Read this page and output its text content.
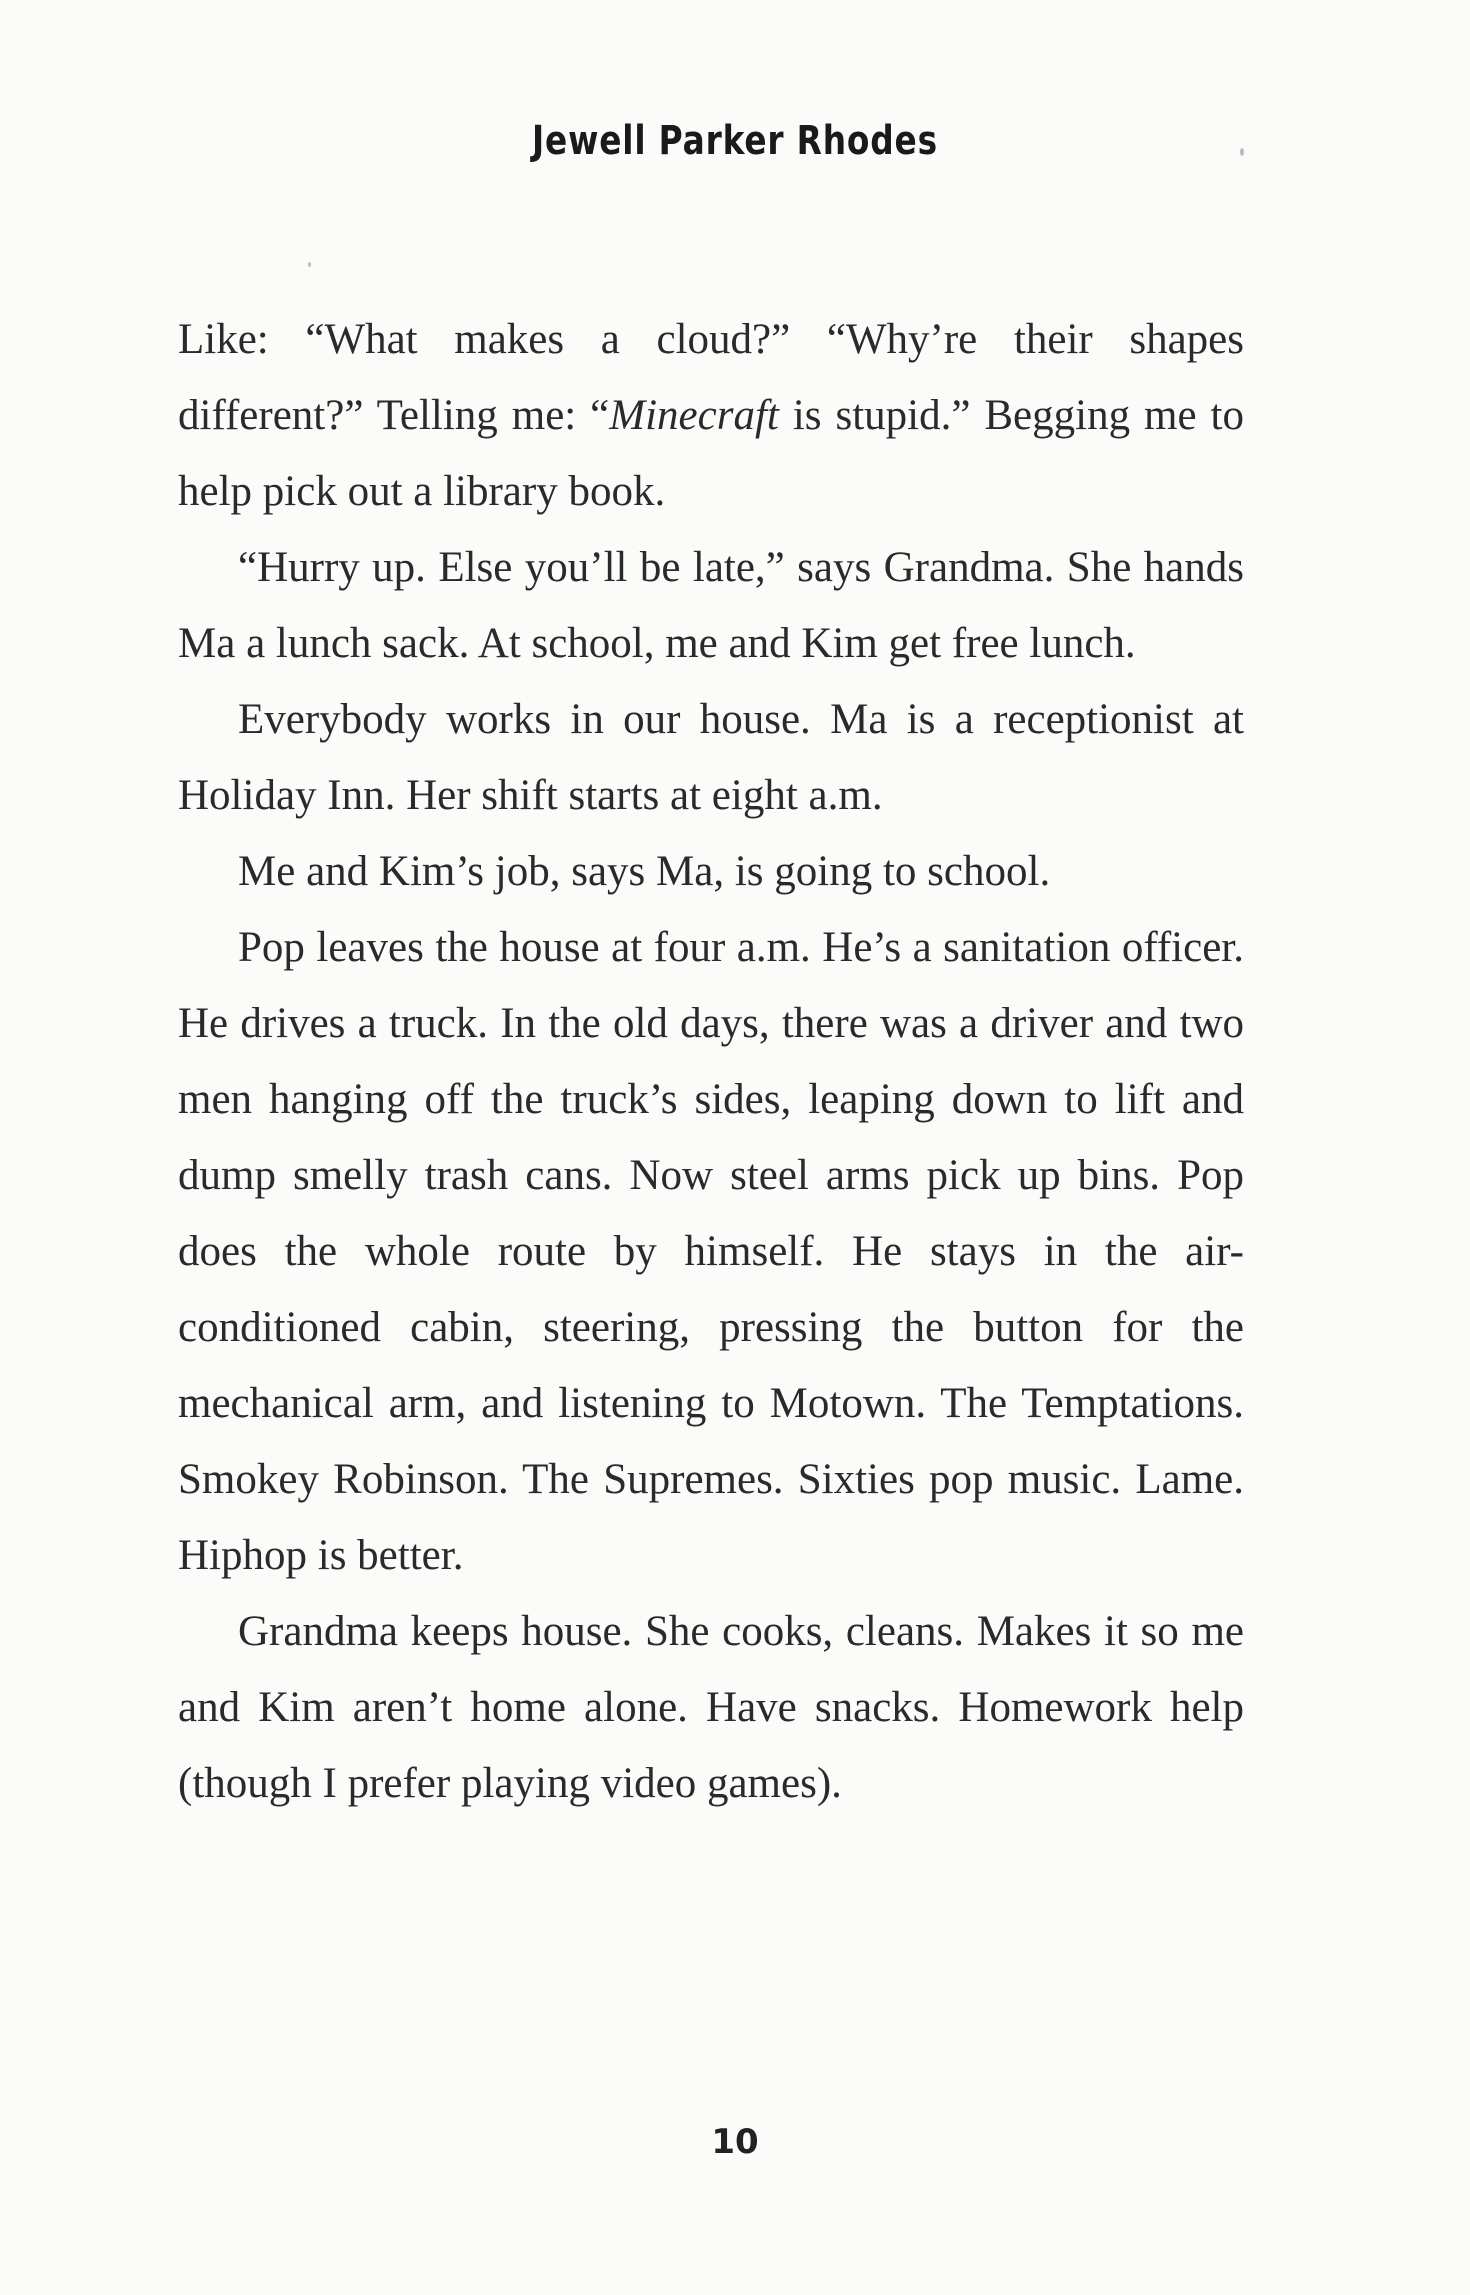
Jewell Parker Rhodes

Like: “What makes a cloud?” “Why’re their shapes different?” Telling me: “Minecraft is stupid.” Begging me to help pick out a library book.

“Hurry up. Else you’ll be late,” says Grandma. She hands Ma a lunch sack. At school, me and Kim get free lunch.

Everybody works in our house. Ma is a receptionist at Holiday Inn. Her shift starts at eight a.m.

Me and Kim’s job, says Ma, is going to school.

Pop leaves the house at four a.m. He’s a sanitation officer. He drives a truck. In the old days, there was a driver and two men hanging off the truck’s sides, leaping down to lift and dump smelly trash cans. Now steel arms pick up bins. Pop does the whole route by himself. He stays in the air-conditioned cabin, steering, pressing the button for the mechanical arm, and listening to Motown. The Temptations. Smokey Robinson. The Supremes. Sixties pop music. Lame. Hiphop is better.

Grandma keeps house. She cooks, cleans. Makes it so me and Kim aren’t home alone. Have snacks. Homework help (though I prefer playing video games).

10
